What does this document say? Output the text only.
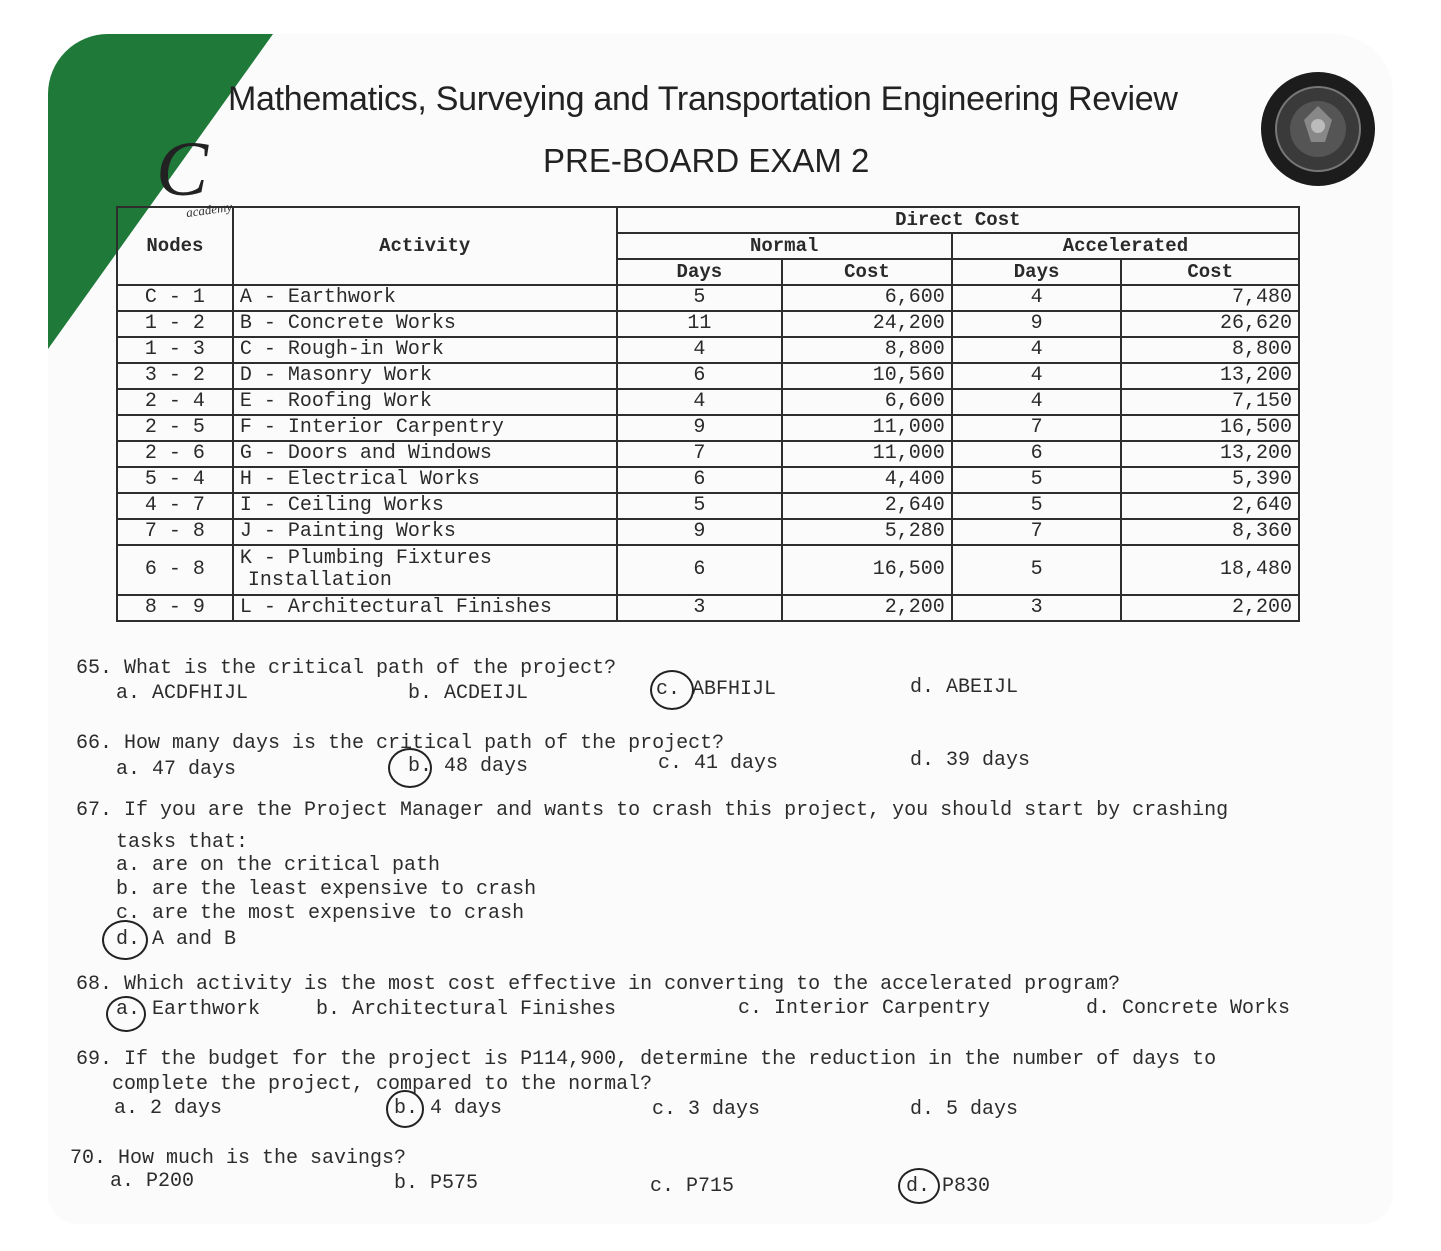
C
academy
Mathematics, Surveying and Transportation Engineering Review
PRE-BOARD EXAM 2
Nodes	Activity	Direct Cost			
		Normal		Accelerated	
		Days	Cost	Days	Cost
C - 1	A - Earthwork	5	6,600	4	7,480
1 - 2	B - Concrete Works	11	24,200	9	26,620
1 - 3	C - Rough-in Work	4	8,800	4	8,800
3 - 2	D - Masonry Work	6	10,560	4	13,200
2 - 4	E - Roofing Work	4	6,600	4	7,150
2 - 5	F - Interior Carpentry	9	11,000	7	16,500
2 - 6	G - Doors and Windows	7	11,000	6	13,200
5 - 4	H - Electrical Works	6	4,400	5	5,390
4 - 7	I - Ceiling Works	5	2,640	5	2,640
7 - 8	J - Painting Works	9	5,280	7	8,360
6 - 8	K - Plumbing Fixtures
Installation	6	16,500	5	18,480
8 - 9	L - Architectural Finishes	3	2,200	3	2,200
65. What is the critical path of the project?
a. ACDFHIJL	b. ACDEIJL	c. ABFHIJL	d. ABEIJL
66. How many days is the critical path of the project?
a. 47 days	b. 48 days	c. 41 days	d. 39 days
67. If you are the Project Manager and wants to crash this project, you should start by crashing
tasks that:
a. are on the critical path
b. are the least expensive to crash
c. are the most expensive to crash
d. A and B
68. Which activity is the most cost effective in converting to the accelerated program?
a. Earthwork	b. Architectural Finishes	c. Interior Carpentry	d. Concrete Works
69. If the budget for the project is P114,900, determine the reduction in the number of days to
complete the project, compared to the normal?
a. 2 days	b. 4 days	c. 3 days	d. 5 days
70. How much is the savings?
a. P200	b. P575	c. P715	d. P830
